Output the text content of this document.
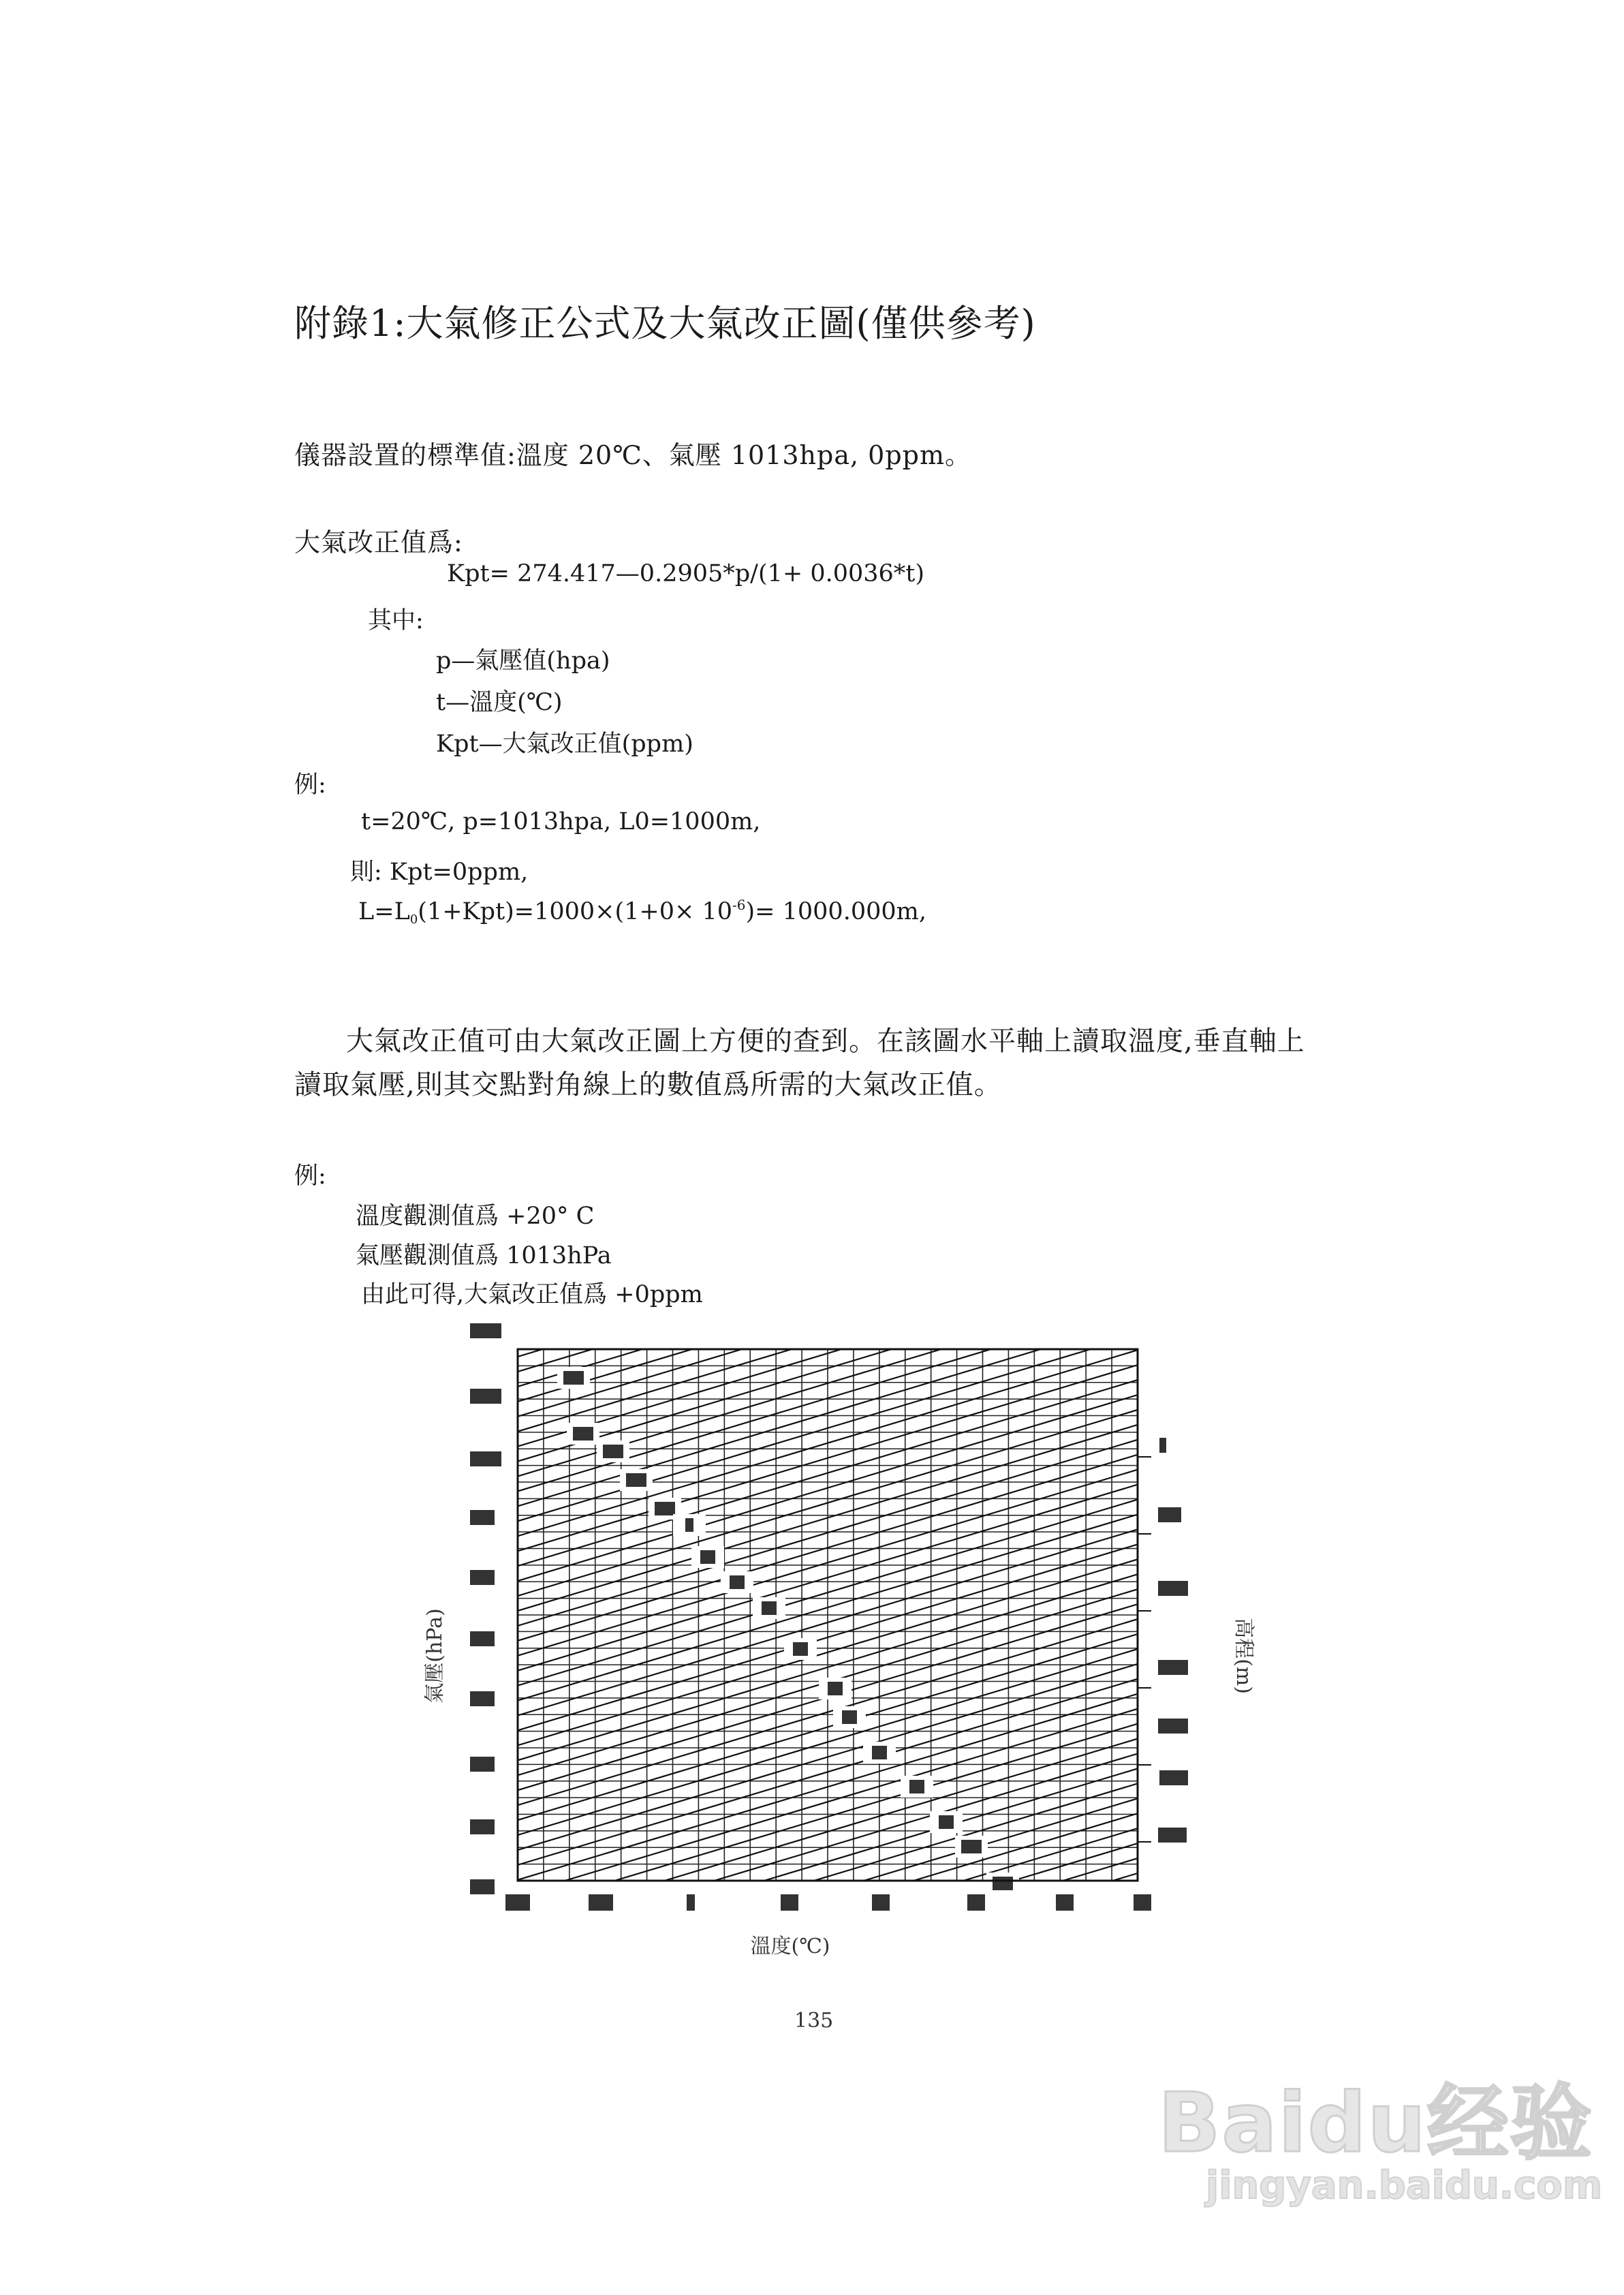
附錄1:大氣修正公式及大氣改正圖(僅供參考)
儀器設置的標準值:溫度 20℃、氣壓 1013hpa, 0ppm。
大氣改正值爲:
Kpt= 274.417—0.2905*p/(1+ 0.0036*t)
其中:
p—氣壓值(hpa)
t—溫度(℃)
Kpt—大氣改正值(ppm)
例:
t=20℃, p=1013hpa, L0=1000m,
則: Kpt=0ppm,
$L=L_0(1+Kpt)=1000\times(1+0\times 10^{-6})= 1000.000m$,
大氣改正值可由大氣改正圖上方便的查到。在該圖水平軸上讀取溫度,垂直軸上讀取氣壓,則其交點對角線上的數值爲所需的大氣改正值。
例:
溫度觀測值爲 +20° C
氣壓觀測值爲 1013hPa
由此可得,大氣改正值爲 +0ppm
氣壓(hPa)	高程(m)
溫度(℃)
135
Baidu经验
jingyan.baidu.com
